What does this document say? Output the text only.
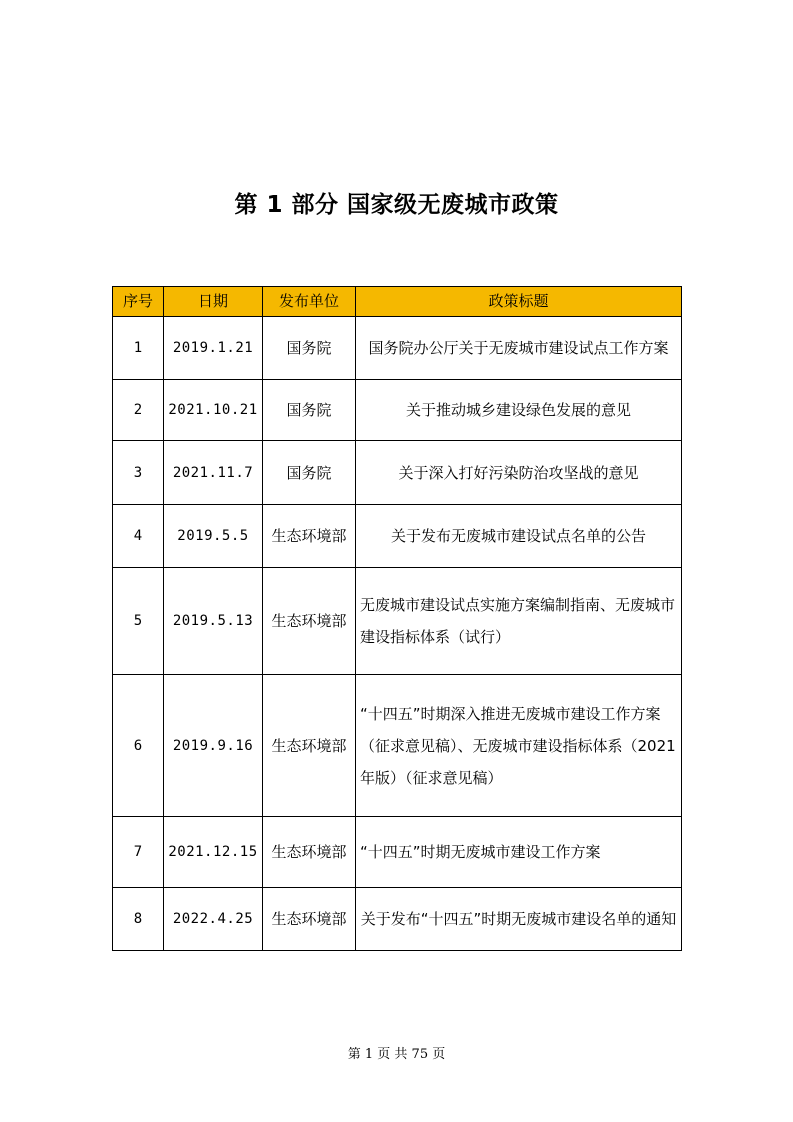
第 1 部分 国家级无废城市政策
序号	日期	发布单位	政策标题
1	2019.1.21	国务院	国务院办公厅关于无废城市建设试点工作方案
2	2021.10.21	国务院	关于推动城乡建设绿色发展的意见
3	2021.11.7	国务院	关于深入打好污染防治攻坚战的意见
4	2019.5.5	生态环境部	关于发布无废城市建设试点名单的公告
5	2019.5.13	生态环境部	无废城市建设试点实施方案编制指南、无废城市建设指标体系（试行）
6	2019.9.16	生态环境部	“十四五”时期深入推进无废城市建设工作方案（征求意见稿）、无废城市建设指标体系（2021 年版）（征求意见稿）
7	2021.12.15	生态环境部	“十四五”时期无废城市建设工作方案
8	2022.4.25	生态环境部	关于发布“十四五”时期无废城市建设名单的通知
第 1 页 共 75 页
